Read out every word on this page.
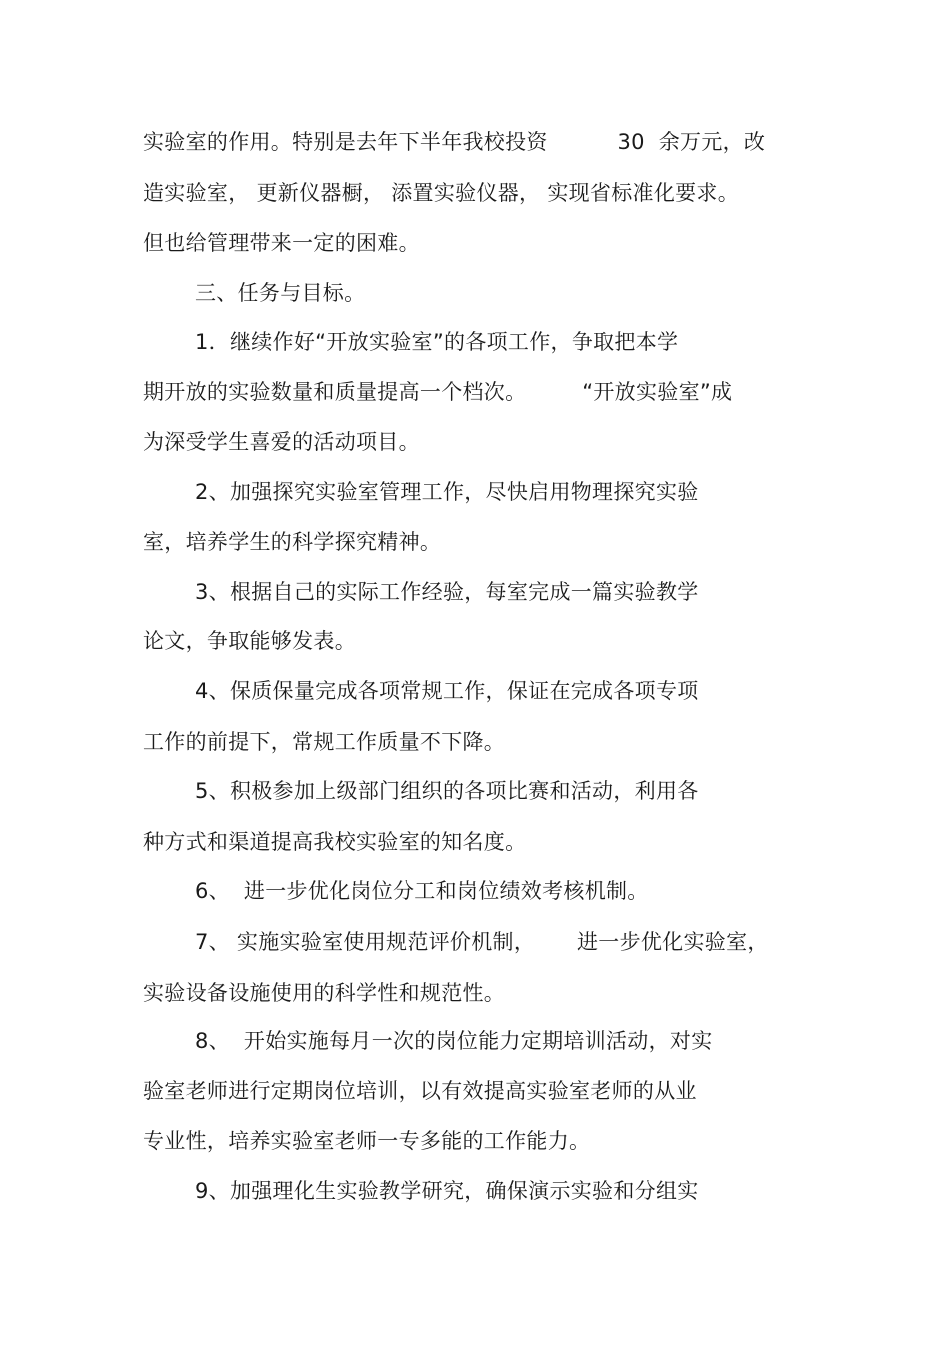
实验室的作用。特别是去年下半年我校投资          30  余万元，改
造实验室， 更新仪器橱， 添置实验仪器， 实现省标准化要求。
但也给管理带来一定的困难。
三、任务与目标。
1．继续作好“开放实验室”的各项工作，争取把本学
期开放的实验数量和质量提高一个档次。        “开放实验室”成
为深受学生喜爱的活动项目。
2、加强探究实验室管理工作，尽快启用物理探究实验
室，培养学生的科学探究精神。
3、根据自己的实际工作经验，每室完成一篇实验教学
论文，争取能够发表。
4、保质保量完成各项常规工作，保证在完成各项专项
工作的前提下，常规工作质量不下降。
5、积极参加上级部门组织的各项比赛和活动，利用各
种方式和渠道提高我校实验室的知名度。
6、  进一步优化岗位分工和岗位绩效考核机制。
7、 实施实验室使用规范评价机制，      进一步优化实验室，
实验设备设施使用的科学性和规范性。
8、  开始实施每月一次的岗位能力定期培训活动，对实
验室老师进行定期岗位培训，以有效提高实验室老师的从业
专业性，培养实验室老师一专多能的工作能力。
9、加强理化生实验教学研究，确保演示实验和分组实
